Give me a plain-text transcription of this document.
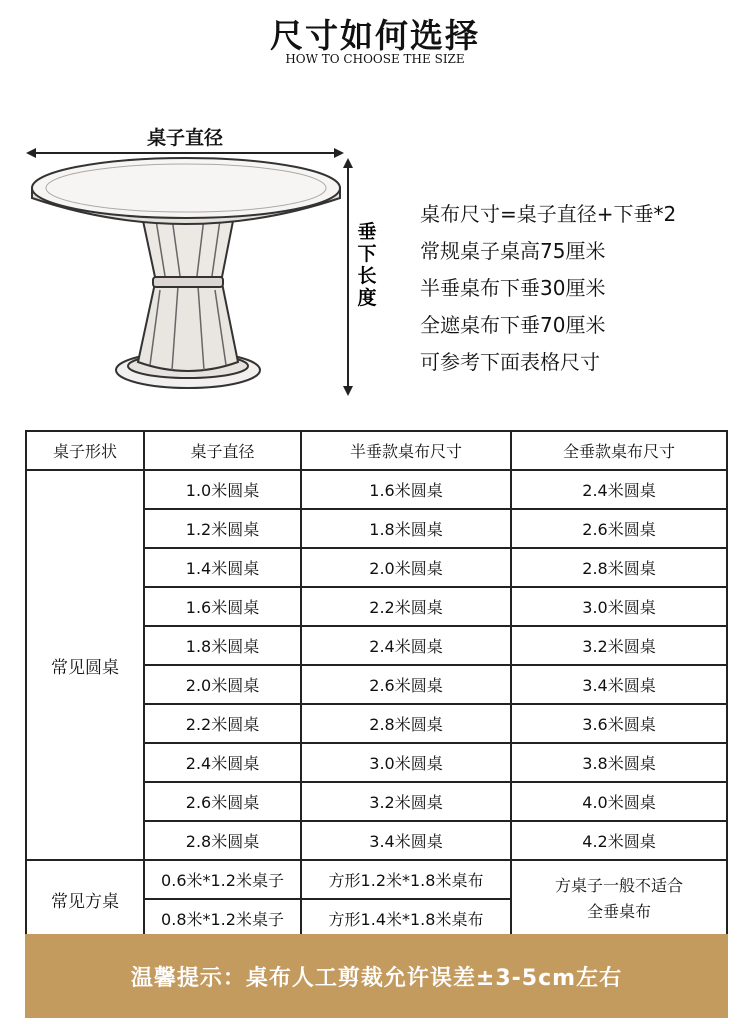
尺寸如何选择
HOW TO CHOOSE THE SIZE
桌子直径
垂
下
长
度
桌布尺寸=桌子直径+下垂*2
常规桌子桌高75厘米
半垂桌布下垂30厘米
全遮桌布下垂70厘米
可参考下面表格尺寸
桌子形状	桌子直径	半垂款桌布尺寸	全垂款桌布尺寸
常见圆桌	1.0米圆桌	1.6米圆桌	2.4米圆桌
	1.2米圆桌	1.8米圆桌	2.6米圆桌
	1.4米圆桌	2.0米圆桌	2.8米圆桌
	1.6米圆桌	2.2米圆桌	3.0米圆桌
	1.8米圆桌	2.4米圆桌	3.2米圆桌
	2.0米圆桌	2.6米圆桌	3.4米圆桌
	2.2米圆桌	2.8米圆桌	3.6米圆桌
	2.4米圆桌	3.0米圆桌	3.8米圆桌
	2.6米圆桌	3.2米圆桌	4.0米圆桌
	2.8米圆桌	3.4米圆桌	4.2米圆桌
常见方桌	0.6米*1.2米桌子	方形1.2米*1.8米桌布	方桌子一般不适合
全垂桌布

	0.8米*1.2米桌子	方形1.4米*1.8米桌布	
温馨提示：桌布人工剪裁允许误差±3-5cm左右
